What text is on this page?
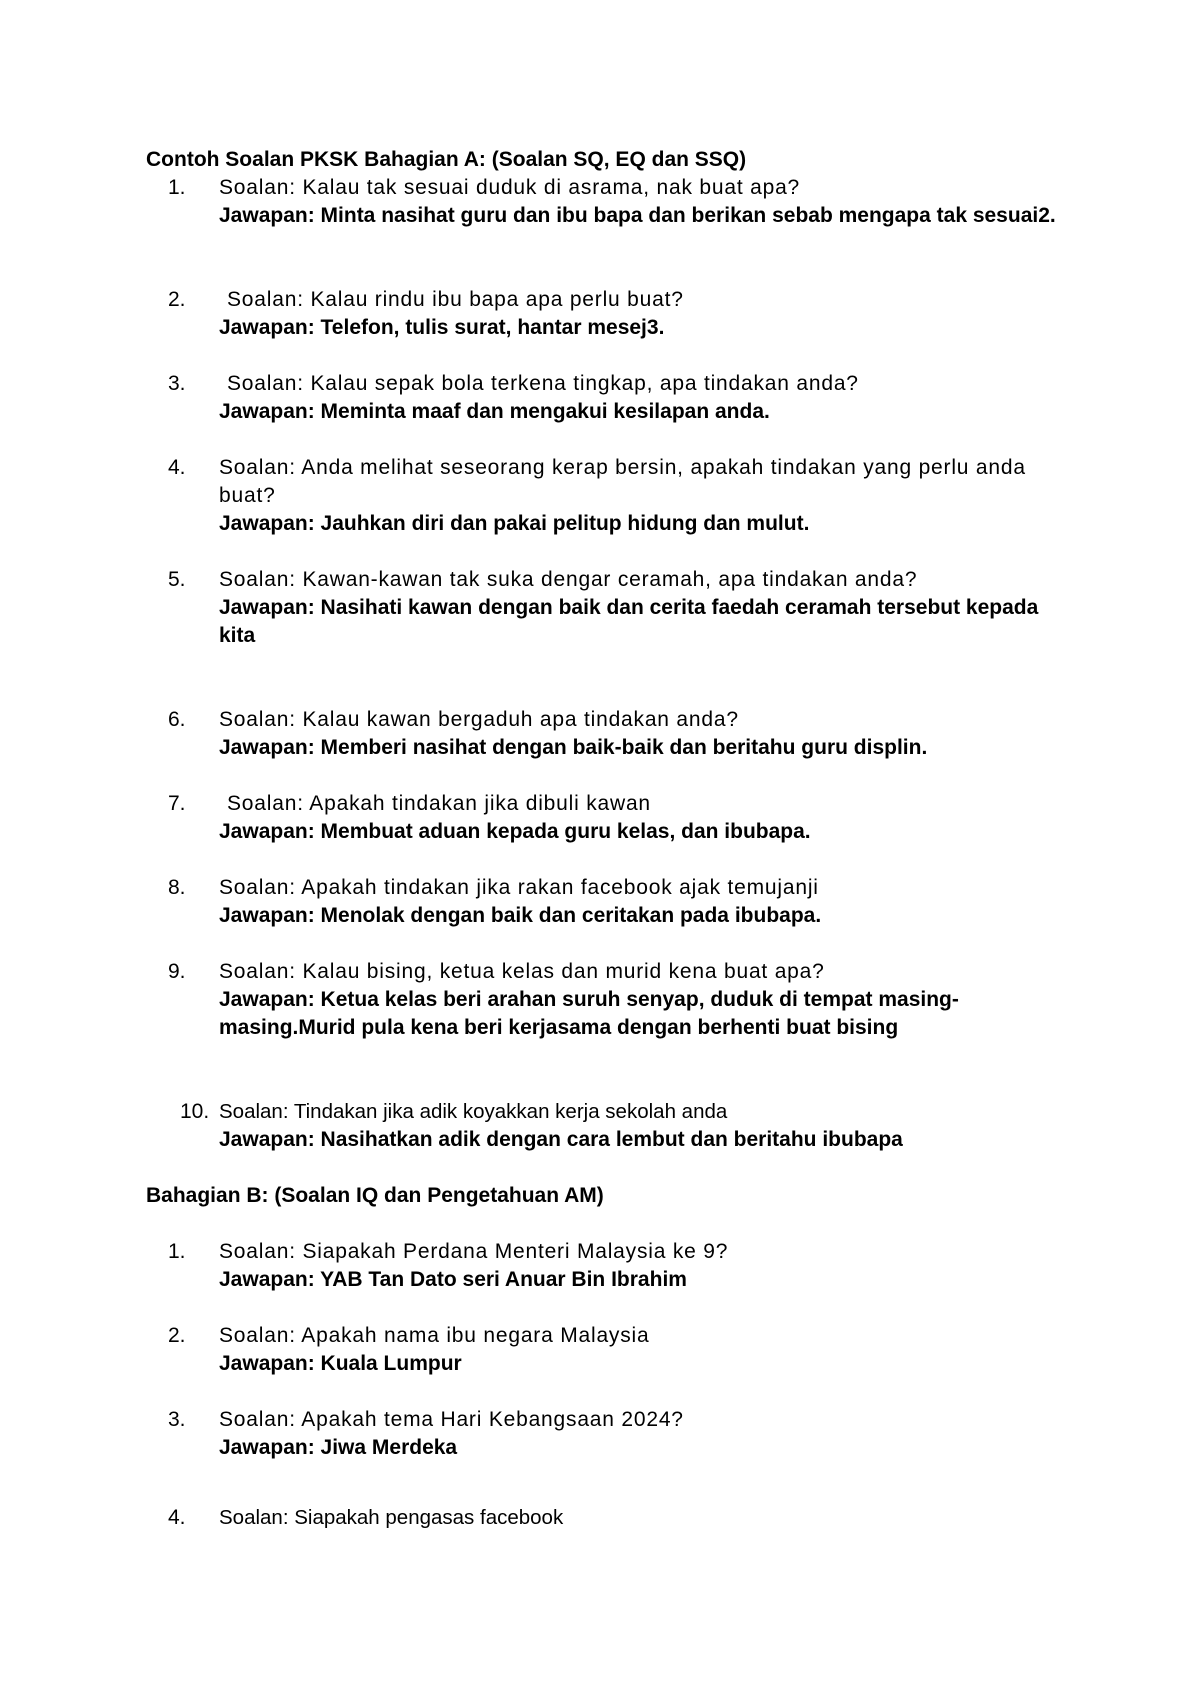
Contoh Soalan PKSK Bahagian A: (Soalan SQ, EQ dan SSQ)
1.	Soalan: Kalau tak sesuai duduk di asrama, nak buat apa?

Jawapan: Minta nasihat guru dan ibu bapa dan berikan sebab mengapa tak sesuai2.

2.	Soalan: Kalau rindu ibu bapa apa perlu buat?

Jawapan: Telefon, tulis surat, hantar mesej3.

3.	Soalan: Kalau sepak bola terkena tingkap, apa tindakan anda?

Jawapan: Meminta maaf dan mengakui kesilapan anda.

4.	Soalan: Anda melihat seseorang kerap bersin, apakah tindakan yang perlu anda buat?

Jawapan: Jauhkan diri dan pakai pelitup hidung dan mulut.

5.	Soalan: Kawan-kawan tak suka dengar ceramah, apa tindakan anda?

Jawapan: Nasihati kawan dengan baik dan cerita faedah ceramah tersebut kepada kita

6.	Soalan: Kalau kawan bergaduh apa tindakan anda?

Jawapan: Memberi nasihat dengan baik-baik dan beritahu guru displin.

7.	Soalan: Apakah tindakan jika dibuli kawan

Jawapan: Membuat aduan kepada guru kelas, dan ibubapa.

8.	Soalan: Apakah tindakan jika rakan facebook ajak temujanji

Jawapan: Menolak dengan baik dan ceritakan pada ibubapa.

9.	Soalan: Kalau bising, ketua kelas dan murid kena buat apa?

Jawapan: Ketua kelas beri arahan suruh senyap, duduk di tempat masing-masing.Murid pula kena beri kerjasama dengan berhenti buat bising

10. Soalan: Tindakan jika adik koyakkan kerja sekolah anda

Jawapan: Nasihatkan adik dengan cara lembut dan beritahu ibubapa

Bahagian B: (Soalan IQ dan Pengetahuan AM)
1.	Soalan: Siapakah Perdana Menteri Malaysia ke 9?

Jawapan: YAB Tan Dato seri Anuar Bin Ibrahim

2.	Soalan: Apakah nama ibu negara Malaysia

Jawapan: Kuala Lumpur

3.	Soalan: Apakah tema Hari Kebangsaan 2024?

Jawapan: Jiwa Merdeka

4.	Soalan: Siapakah pengasas facebook
